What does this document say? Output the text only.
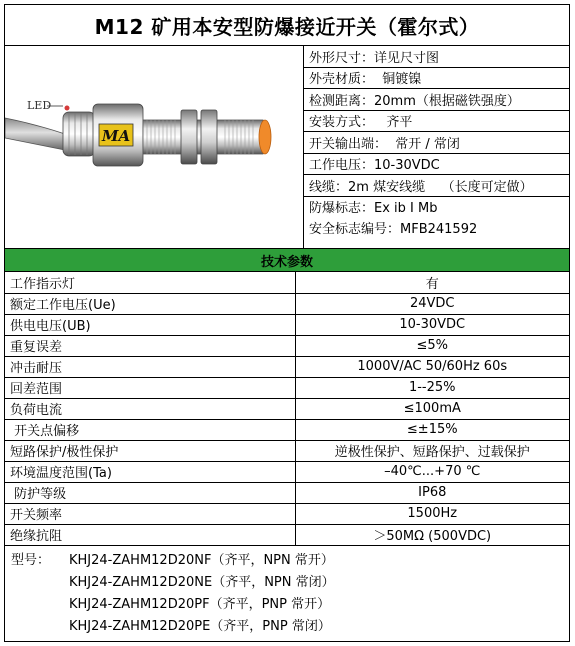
M12 矿用本安型防爆接近开关（霍尔式）
LED
MA
外形尺寸：详见尺寸图
外壳材质：  铜镀镍
检测距离：20mm（根据磁铁强度）
安装方式：   齐平
开关输出端：  常开 / 常闭
工作电压：10-30VDC
线缆：2m 煤安线缆    （长度可定做）
防爆标志：Ex ib I Mb
安全标志编号：MFB241592
技术参数
工作指示灯	有
额定工作电压(Ue)	24VDC
供电电压(UB)	10-30VDC
重复误差	≤5%
冲击耐压	1000V/AC 50/60Hz 60s
回差范围	1--25%
负荷电流	≤100mA
开关点偏移	≤±15%
短路保护/极性保护	逆极性保护、短路保护、过载保护
环境温度范围(Ta)	–40℃...+70 ℃
防护等级	IP68
开关频率	1500Hz
绝缘抗阻	＞50MΩ (500VDC)
型号：	KHJ24-ZAHM12D20NF（齐平，NPN 常开）
KHJ24-ZAHM12D20NE（齐平，NPN 常闭）
KHJ24-ZAHM12D20PF（齐平，PNP 常开）
KHJ24-ZAHM12D20PE（齐平，PNP 常闭）
